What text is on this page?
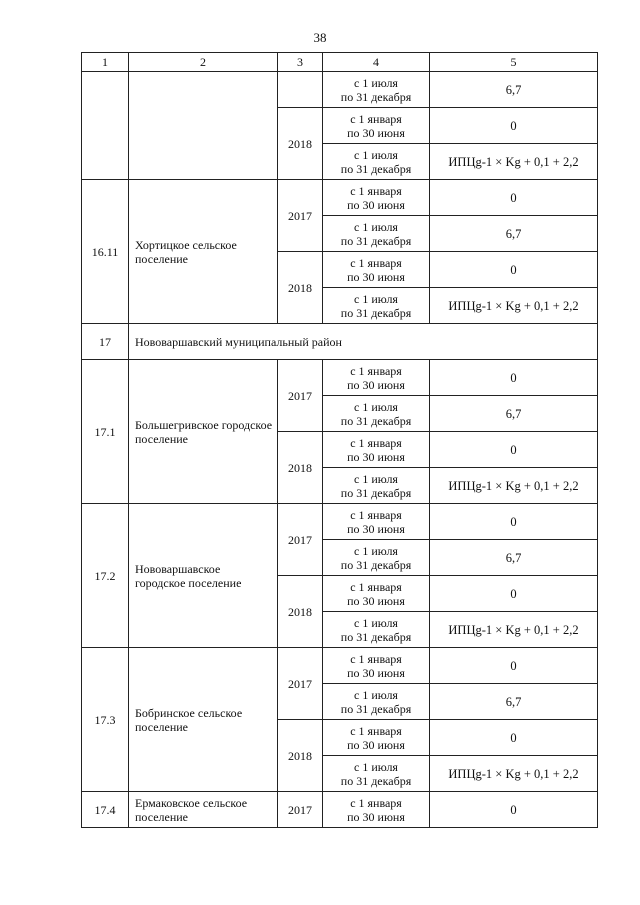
38
1	2	3	4	5

			с 1 июля
по 31 декабря	6,7
		2018	с 1 января
по 30 июня	0

			с 1 июля
по 31 декабря	ИПЦg-1 × Kg + 0,1 + 2,2
16.11	Хортицкое сельское поселение	2017	с 1 января
по 30 июня	0

			с 1 июля
по 31 декабря	6,7
		2018	с 1 января
по 30 июня	0

			с 1 июля
по 31 декабря	ИПЦg-1 × Kg + 0,1 + 2,2
17	Нововаршавский муниципальный район			
17.1	Большегривское городское поселение	2017	с 1 января
по 30 июня	0

			с 1 июля
по 31 декабря	6,7
		2018	с 1 января
по 30 июня	0

			с 1 июля
по 31 декабря	ИПЦg-1 × Kg + 0,1 + 2,2
17.2	Нововаршавское городское поселение	2017	с 1 января
по 30 июня	0

			с 1 июля
по 31 декабря	6,7
		2018	с 1 января
по 30 июня	0

			с 1 июля
по 31 декабря	ИПЦg-1 × Kg + 0,1 + 2,2
17.3	Бобринское сельское поселение	2017	с 1 января
по 30 июня	0

			с 1 июля
по 31 декабря	6,7
		2018	с 1 января
по 30 июня	0

			с 1 июля
по 31 декабря	ИПЦg-1 × Kg + 0,1 + 2,2
17.4	Ермаковское сельское поселение	2017	с 1 января
по 30 июня	0
